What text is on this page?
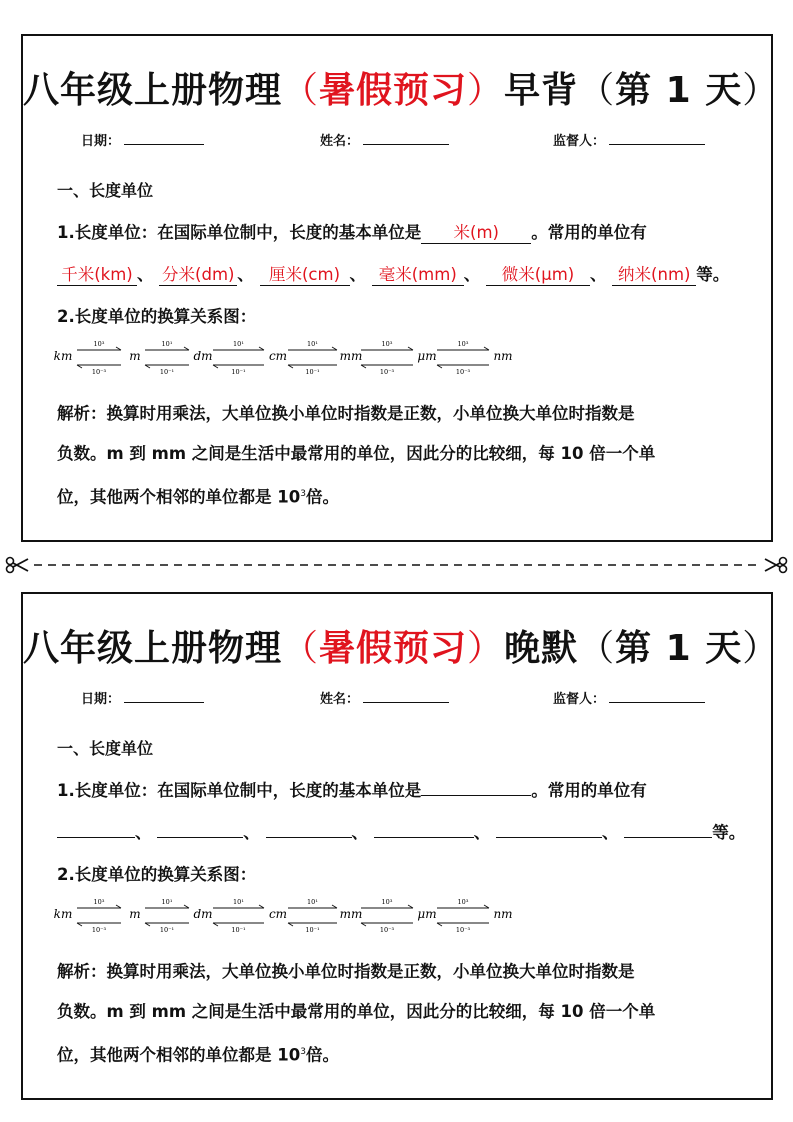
八年级上册物理（暑假预习）早背（第 1 天）
日期：	姓名：	监督人：
一、长度单位
1.长度单位：在国际单位制中，长度的基本单位是 米(m) 。常用的单位有
千米(km) 、 分米(dm) 、 厘米(cm) 、 毫米(mm) 、 微米(μm) 、 纳米(nm) 等。
2.长度单位的换算关系图：
km	m	dm	cm	mm	μm	nm
10³
10⁻³
10¹
10⁻¹
10¹
10⁻¹
10¹
10⁻¹
10³
10⁻³
10³
10⁻³
解析：换算时用乘法，大单位换小单位时指数是正数，小单位换大单位时指数是
负数。m 到 mm 之间是生活中最常用的单位，因此分的比较细，每 10 倍一个单
位，其他两个相邻的单位都是 $10^3$倍。
八年级上册物理（暑假预习）晚默（第 1 天）
日期：	姓名：	监督人：
一、长度单位
1.长度单位：在国际单位制中，长度的基本单位是	。常用的单位有
、	、	、	、	、	等。
2.长度单位的换算关系图：
km	m	dm	cm	mm	μm	nm
10³
10⁻³
10¹
10⁻¹
10¹
10⁻¹
10¹
10⁻¹
10³
10⁻³
10³
10⁻³
解析：换算时用乘法，大单位换小单位时指数是正数，小单位换大单位时指数是
负数。m 到 mm 之间是生活中最常用的单位，因此分的比较细，每 10 倍一个单
位，其他两个相邻的单位都是 $10^3$倍。
